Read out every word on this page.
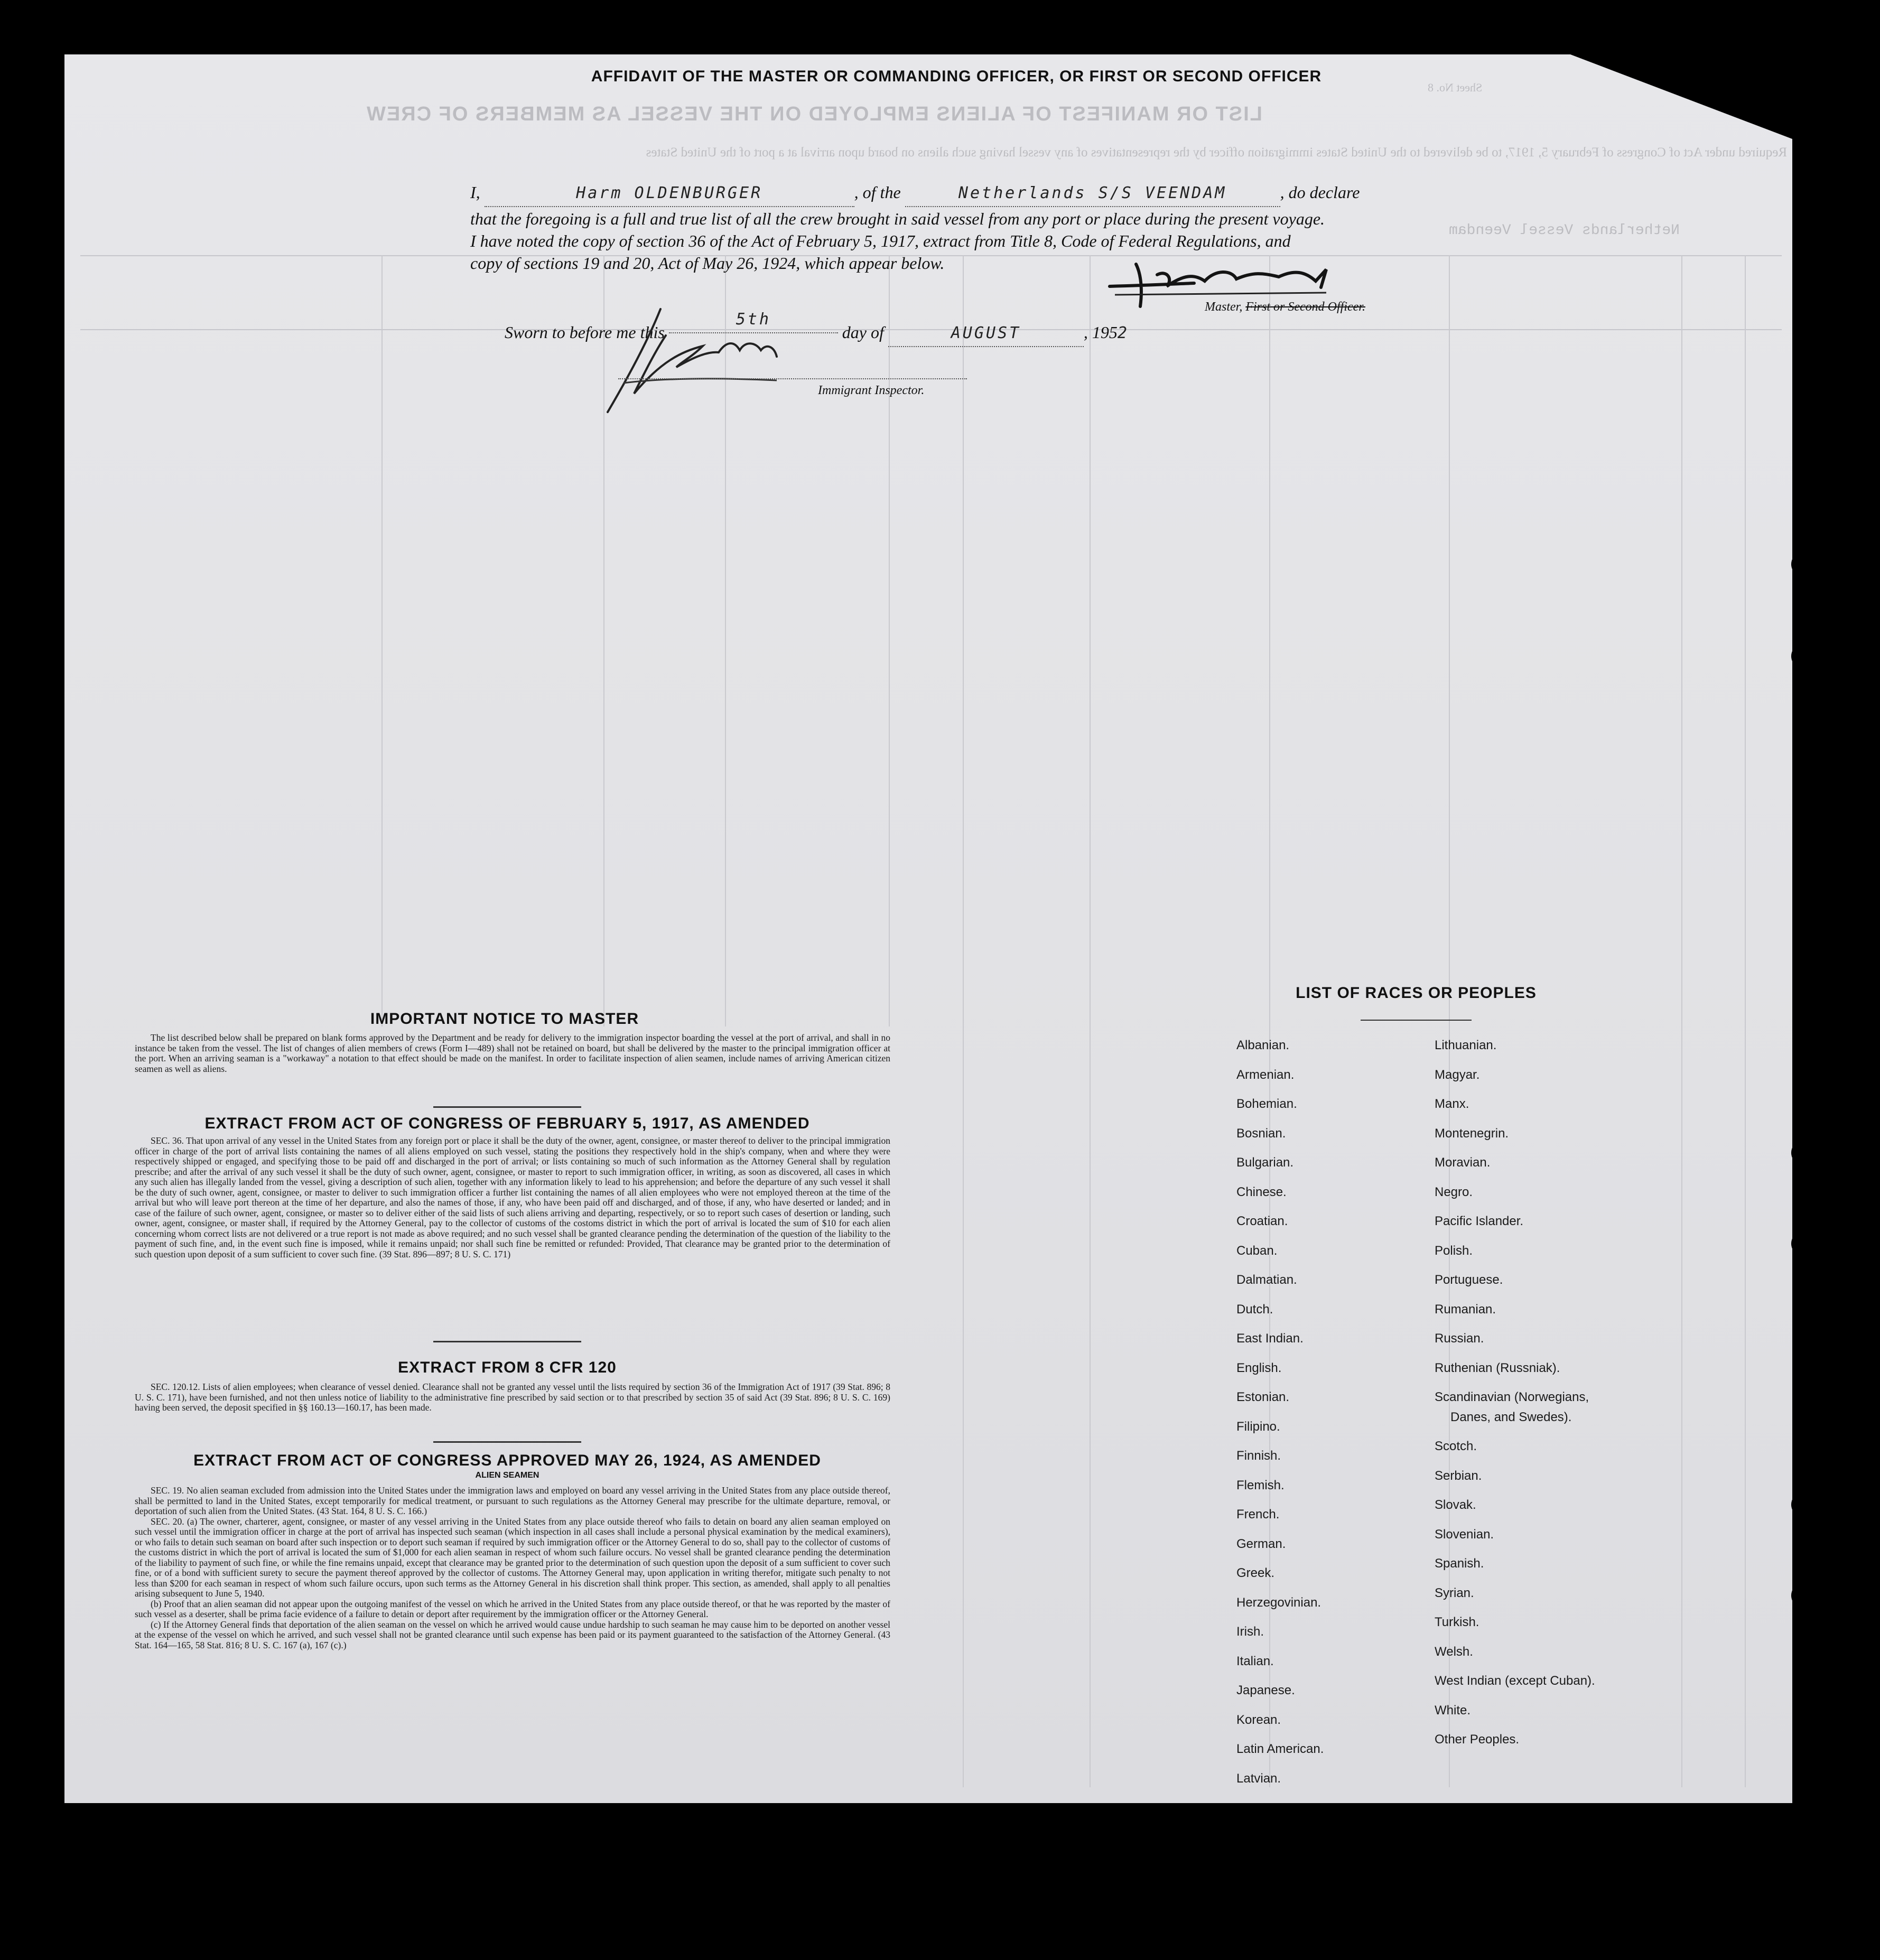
LIST OR MANIFEST OF ALIENS EMPLOYED ON THE VESSEL AS MEMBERS OF CREW
Required under Act of Congress of February 5, 1917, to be delivered to the United States immigration officer by the representatives of any vessel having such aliens on board upon arrival at a port of the United States
Form I-489
Sheet No. 8
Netherlands Vessel Veendam
AFFIDAVIT OF THE MASTER OR COMMANDING OFFICER, OR FIRST OR SECOND OFFICER
I,	Harm OLDENBURGER	, of the	Netherlands S/S VEENDAM	, do declare
that the foregoing is a full and true list of all the crew brought in said vessel from any port or place during the present voyage.
I have noted the copy of section 36 of the Act of February 5, 1917, extract from Title 8, Code of Federal Regulations, and
copy of sections 19 and 20, Act of May 26, 1924, which appear below.
Master, First or Second Officer.
Sworn to before me this 5th day of	AUGUST	, 1952
Immigrant Inspector.
IMPORTANT NOTICE TO MASTER

The list described below shall be prepared on blank forms approved by the Department and be ready for delivery to the immigration inspector boarding the vessel at the port of arrival, and shall in no instance be taken from the vessel. The list of changes of alien members of crews (Form I—489) shall not be retained on board, but shall be delivered by the master to the principal immigration officer at the port. When an arriving seaman is a "workaway" a notation to that effect should be made on the manifest. In order to facilitate inspection of alien seamen, include names of arriving American citizen seamen as well as aliens.

EXTRACT FROM ACT OF CONGRESS OF FEBRUARY 5, 1917, AS AMENDED

SEC. 36. That upon arrival of any vessel in the United States from any foreign port or place it shall be the duty of the owner, agent, consignee, or master thereof to deliver to the principal immigration officer in charge of the port of arrival lists containing the names of all aliens employed on such vessel, stating the positions they respectively hold in the ship's company, when and where they were respectively shipped or engaged, and specifying those to be paid off and discharged in the port of arrival; or lists containing so much of such information as the Attorney General shall by regulation prescribe; and after the arrival of any such vessel it shall be the duty of such owner, agent, consignee, or master to report to such immigration officer, in writing, as soon as discovered, all cases in which any such alien has illegally landed from the vessel, giving a description of such alien, together with any information likely to lead to his apprehension; and before the departure of any such vessel it shall be the duty of such owner, agent, consignee, or master to deliver to such immigration officer a further list containing the names of all alien employees who were not employed thereon at the time of the arrival but who will leave port thereon at the time of her departure, and also the names of those, if any, who have been paid off and discharged, and of those, if any, who have deserted or landed; and in case of the failure of such owner, agent, consignee, or master so to deliver either of the said lists of such aliens arriving and departing, respectively, or so to report such cases of desertion or landing, such owner, agent, consignee, or master shall, if required by the Attorney General, pay to the collector of customs of the costoms district in which the port of arrival is located the sum of $10 for each alien concerning whom correct lists are not delivered or a true report is not made as above required; and no such vessel shall be granted clearance pending the determination of the question of the liability to the payment of such fine, and, in the event such fine is imposed, while it remains unpaid; nor shall such fine be remitted or refunded: Provided, That clearance may be granted prior to the determination of such question upon deposit of a sum sufficient to cover such fine. (39 Stat. 896—897; 8 U. S. C. 171)

EXTRACT FROM 8 CFR 120

SEC. 120.12. Lists of alien employees; when clearance of vessel denied. Clearance shall not be granted any vessel until the lists required by section 36 of the Immigration Act of 1917 (39 Stat. 896; 8 U. S. C. 171), have been furnished, and not then unless notice of liability to the administrative fine prescribed by said section or to that prescribed by section 35 of said Act (39 Stat. 896; 8 U. S. C. 169) having been served, the deposit specified in §§ 160.13—160.17, has been made.

EXTRACT FROM ACT OF CONGRESS APPROVED MAY 26, 1924, AS AMENDED
ALIEN SEAMEN

SEC. 19. No alien seaman excluded from admission into the United States under the immigration laws and employed on board any vessel arriving in the United States from any place outside thereof, shall be permitted to land in the United States, except temporarily for medical treatment, or pursuant to such regulations as the Attorney General may prescribe for the ultimate departure, removal, or deportation of such alien from the United States. (43 Stat. 164, 8 U. S. C. 166.)

SEC. 20. (a) The owner, charterer, agent, consignee, or master of any vessel arriving in the United States from any place outside thereof who fails to detain on board any alien seaman employed on such vessel until the immigration officer in charge at the port of arrival has inspected such seaman (which inspection in all cases shall include a personal physical examination by the medical examiners), or who fails to detain such seaman on board after such inspection or to deport such seaman if required by such immigration officer or the Attorney General to do so, shall pay to the collector of customs of the customs district in which the port of arrival is located the sum of $1,000 for each alien seaman in respect of whom such failure occurs. No vessel shall be granted clearance pending the determination of the liability to payment of such fine, or while the fine remains unpaid, except that clearance may be granted prior to the determination of such question upon the deposit of a sum sufficient to cover such fine, or of a bond with sufficient surety to secure the payment thereof approved by the collector of customs. The Attorney General may, upon application in writing therefor, mitigate such penalty to not less than $200 for each seaman in respect of whom such failure occurs, upon such terms as the Attorney General in his discretion shall think proper. This section, as amended, shall apply to all penalties arising subsequent to June 5, 1940.

(b) Proof that an alien seaman did not appear upon the outgoing manifest of the vessel on which he arrived in the United States from any place outside thereof, or that he was reported by the master of such vessel as a deserter, shall be prima facie evidence of a failure to detain or deport after requirement by the immigration officer or the Attorney General.

(c) If the Attorney General finds that deportation of the alien seaman on the vessel on which he arrived would cause undue hardship to such seaman he may cause him to be deported on another vessel at the expense of the vessel on which he arrived, and such vessel shall not be granted clearance until such expense has been paid or its payment guaranteed to the satisfaction of the Attorney General. (43 Stat. 164—165, 58 Stat. 816; 8 U. S. C. 167 (a), 167 (c).)

LIST OF RACES OR PEOPLES
Albanian.
Armenian.
Bohemian.
Bosnian.
Bulgarian.
Chinese.
Croatian.
Cuban.
Dalmatian.
Dutch.
East Indian.
English.
Estonian.
Filipino.
Finnish.
Flemish.
French.
German.
Greek.
Herzegovinian.
Irish.
Italian.
Japanese.
Korean.
Latin American.
Latvian.
Lithuanian.
Magyar.
Manx.
Montenegrin.
Moravian.
Negro.
Pacific Islander.
Polish.
Portuguese.
Rumanian.
Russian.
Ruthenian (Russniak).
Scandinavian (Norwegians,
Danes, and Swedes).
Scotch.
Serbian.
Slovak.
Slovenian.
Spanish.
Syrian.
Turkish.
Welsh.
West Indian (except Cuban).
White.
Other Peoples.
